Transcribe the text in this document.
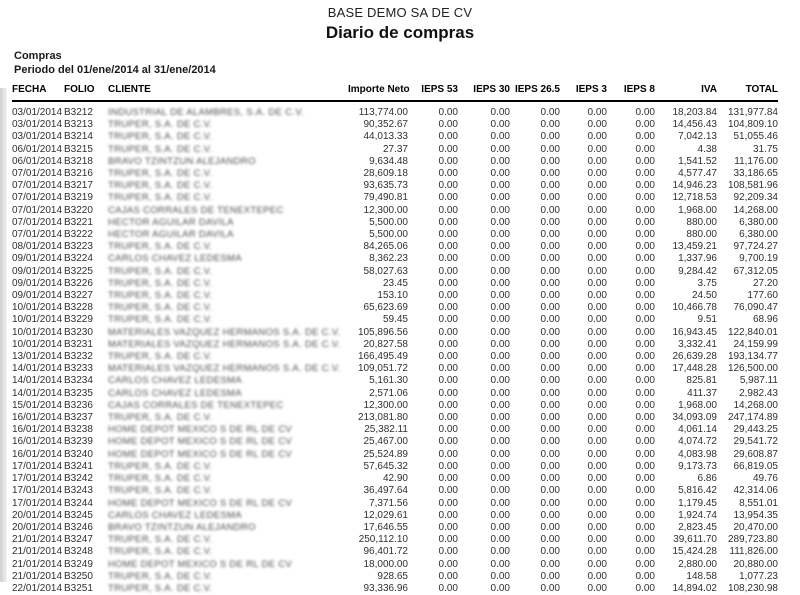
BASE DEMO SA DE CV
Diario de compras
Compras
Periodo del 01/ene/2014 al 31/ene/2014
FECHA	FOLIO	CLIENTE	Importe Neto	IEPS 53	IEPS 30	IEPS 26.5	IEPS 3	IEPS 8	IVA	TOTAL
03/01/2014	B3212	INDUSTRIAL DE ALAMBRES, S.A. DE C.V.	113,774.00	0.00	0.00	0.00	0.00	0.00	18,203.84	131,977.84
03/01/2014	B3213	TRUPER, S.A. DE C.V.	90,352.67	0.00	0.00	0.00	0.00	0.00	14,456.43	104,809.10
03/01/2014	B3214	TRUPER, S.A. DE C.V.	44,013.33	0.00	0.00	0.00	0.00	0.00	7,042.13	51,055.46
06/01/2014	B3215	TRUPER, S.A. DE C.V.	27.37	0.00	0.00	0.00	0.00	0.00	4.38	31.75
06/01/2014	B3218	BRAVO TZINTZUN ALEJANDRO	9,634.48	0.00	0.00	0.00	0.00	0.00	1,541.52	11,176.00
07/01/2014	B3216	TRUPER, S.A. DE C.V.	28,609.18	0.00	0.00	0.00	0.00	0.00	4,577.47	33,186.65
07/01/2014	B3217	TRUPER, S.A. DE C.V.	93,635.73	0.00	0.00	0.00	0.00	0.00	14,946.23	108,581.96
07/01/2014	B3219	TRUPER, S.A. DE C.V.	79,490.81	0.00	0.00	0.00	0.00	0.00	12,718.53	92,209.34
07/01/2014	B3220	CAJAS CORRALES DE TENEXTEPEC	12,300.00	0.00	0.00	0.00	0.00	0.00	1,968.00	14,268.00
07/01/2014	B3221	HECTOR AGUILAR DAVILA	5,500.00	0.00	0.00	0.00	0.00	0.00	880.00	6,380.00
07/01/2014	B3222	HECTOR AGUILAR DAVILA	5,500.00	0.00	0.00	0.00	0.00	0.00	880.00	6,380.00
08/01/2014	B3223	TRUPER, S.A. DE C.V.	84,265.06	0.00	0.00	0.00	0.00	0.00	13,459.21	97,724.27
09/01/2014	B3224	CARLOS CHAVEZ LEDESMA	8,362.23	0.00	0.00	0.00	0.00	0.00	1,337.96	9,700.19
09/01/2014	B3225	TRUPER, S.A. DE C.V.	58,027.63	0.00	0.00	0.00	0.00	0.00	9,284.42	67,312.05
09/01/2014	B3226	TRUPER, S.A. DE C.V.	23.45	0.00	0.00	0.00	0.00	0.00	3.75	27.20
09/01/2014	B3227	TRUPER, S.A. DE C.V.	153.10	0.00	0.00	0.00	0.00	0.00	24.50	177.60
10/01/2014	B3228	TRUPER, S.A. DE C.V.	65,623.69	0.00	0.00	0.00	0.00	0.00	10,466.78	76,090.47
10/01/2014	B3229	TRUPER, S.A. DE C.V.	59.45	0.00	0.00	0.00	0.00	0.00	9.51	68.96
10/01/2014	B3230	MATERIALES VAZQUEZ HERMANOS S.A. DE C.V.	105,896.56	0.00	0.00	0.00	0.00	0.00	16,943.45	122,840.01
10/01/2014	B3231	MATERIALES VAZQUEZ HERMANOS S.A. DE C.V.	20,827.58	0.00	0.00	0.00	0.00	0.00	3,332.41	24,159.99
13/01/2014	B3232	TRUPER, S.A. DE C.V.	166,495.49	0.00	0.00	0.00	0.00	0.00	26,639.28	193,134.77
14/01/2014	B3233	MATERIALES VAZQUEZ HERMANOS S.A. DE C.V.	109,051.72	0.00	0.00	0.00	0.00	0.00	17,448.28	126,500.00
14/01/2014	B3234	CARLOS CHAVEZ LEDESMA	5,161.30	0.00	0.00	0.00	0.00	0.00	825.81	5,987.11
14/01/2014	B3235	CARLOS CHAVEZ LEDESMA	2,571.06	0.00	0.00	0.00	0.00	0.00	411.37	2,982.43
15/01/2014	B3236	CAJAS CORRALES DE TENEXTEPEC	12,300.00	0.00	0.00	0.00	0.00	0.00	1,968.00	14,268.00
16/01/2014	B3237	TRUPER, S.A. DE C.V.	213,081.80	0.00	0.00	0.00	0.00	0.00	34,093.09	247,174.89
16/01/2014	B3238	HOME DEPOT MEXICO S DE RL DE CV	25,382.11	0.00	0.00	0.00	0.00	0.00	4,061.14	29,443.25
16/01/2014	B3239	HOME DEPOT MEXICO S DE RL DE CV	25,467.00	0.00	0.00	0.00	0.00	0.00	4,074.72	29,541.72
16/01/2014	B3240	HOME DEPOT MEXICO S DE RL DE CV	25,524.89	0.00	0.00	0.00	0.00	0.00	4,083.98	29,608.87
17/01/2014	B3241	TRUPER, S.A. DE C.V.	57,645.32	0.00	0.00	0.00	0.00	0.00	9,173.73	66,819.05
17/01/2014	B3242	TRUPER, S.A. DE C.V.	42.90	0.00	0.00	0.00	0.00	0.00	6.86	49.76
17/01/2014	B3243	TRUPER, S.A. DE C.V.	36,497.64	0.00	0.00	0.00	0.00	0.00	5,816.42	42,314.06
17/01/2014	B3244	HOME DEPOT MEXICO S DE RL DE CV	7,371.56	0.00	0.00	0.00	0.00	0.00	1,179.45	8,551.01
20/01/2014	B3245	CARLOS CHAVEZ LEDESMA	12,029.61	0.00	0.00	0.00	0.00	0.00	1,924.74	13,954.35
20/01/2014	B3246	BRAVO TZINTZUN ALEJANDRO	17,646.55	0.00	0.00	0.00	0.00	0.00	2,823.45	20,470.00
21/01/2014	B3247	TRUPER, S.A. DE C.V.	250,112.10	0.00	0.00	0.00	0.00	0.00	39,611.70	289,723.80
21/01/2014	B3248	TRUPER, S.A. DE C.V.	96,401.72	0.00	0.00	0.00	0.00	0.00	15,424.28	111,826.00
21/01/2014	B3249	HOME DEPOT MEXICO S DE RL DE CV	18,000.00	0.00	0.00	0.00	0.00	0.00	2,880.00	20,880.00
21/01/2014	B3250	TRUPER, S.A. DE C.V.	928.65	0.00	0.00	0.00	0.00	0.00	148.58	1,077.23
22/01/2014	B3251	TRUPER, S.A. DE C.V.	93,336.96	0.00	0.00	0.00	0.00	0.00	14,894.02	108,230.98
